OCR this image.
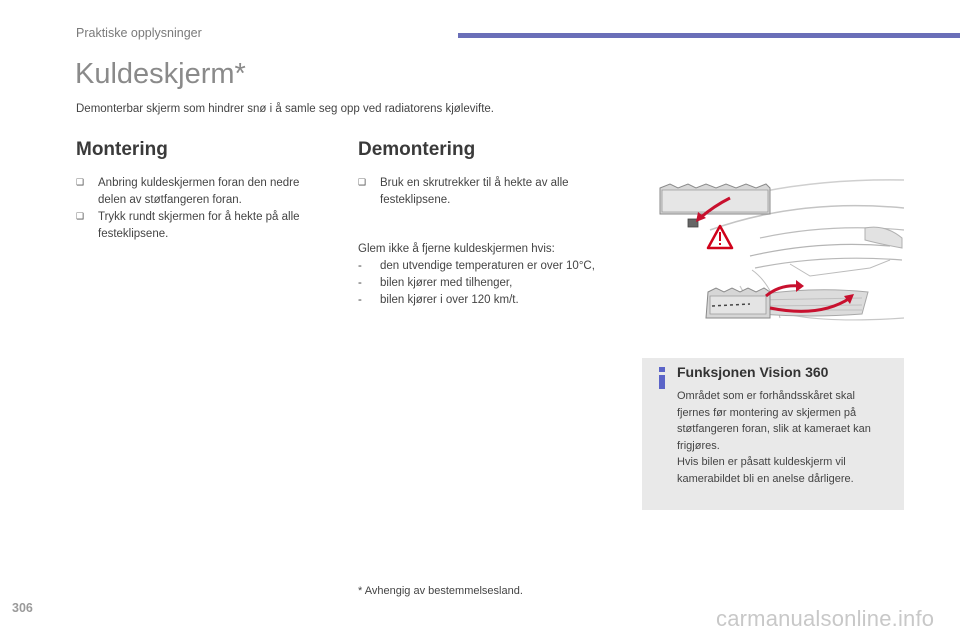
Praktiske opplysninger
Kuldeskjerm*
Demonterbar skjerm som hindrer snø i å samle seg opp ved radiatorens kjølevifte.
Montering
❑ Anbring kuldeskjermen foran den nedre delen av støtfangeren foran.
❑ Trykk rundt skjermen for å hekte på alle festeklipsene.
Demontering
❑ Bruk en skrutrekker til å hekte av alle festeklipsene.
Glem ikke å fjerne kuldeskjermen hvis:
- den utvendige temperaturen er over 10°C,
- bilen kjører med tilhenger,
- bilen kjører i over 120 km/t.
Funksjonen Vision 360
Området som er forhåndsskåret skal
fjernes før montering av skjermen på
støtfangeren foran, slik at kameraet kan
frigjøres.
Hvis bilen er påsatt kuldeskjerm vil
kamerabildet bli en anelse dårligere.
* Avhengig av bestemmelsesland.
306	carmanualsonline.info
